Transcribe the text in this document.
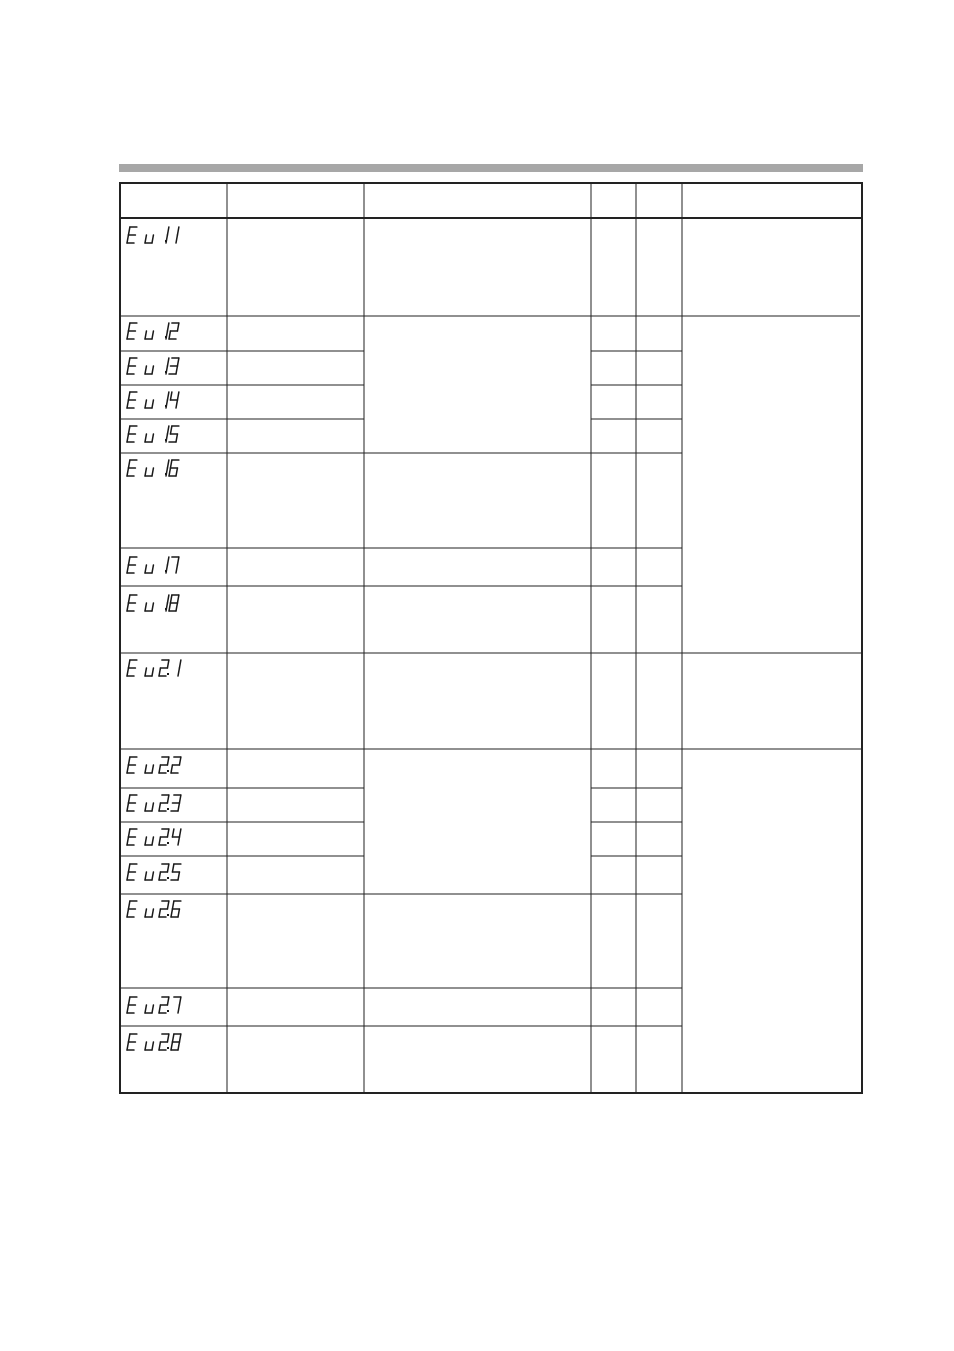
Ev1.1
Ev1.2
Ev1.3
Ev1.4
Ev1.5
Ev1.6
Ev1.7
Ev1.8
Ev2.1
Ev2.2
Ev2.3
Ev2.4
Ev2.5
Ev2.6
Ev2.7
Ev2.8
